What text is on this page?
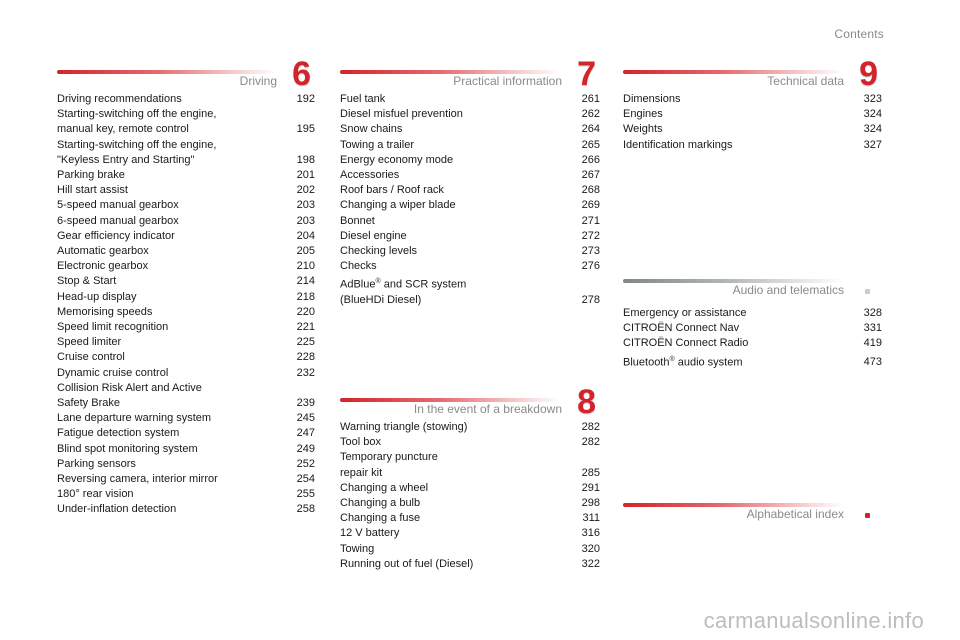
Contents
Driving 6
Driving recommendations	192
Starting-switching off the engine,
manual key, remote control	195
Starting-switching off the engine,
"Keyless Entry and Starting"	198
Parking brake	201
Hill start assist	202
5-speed manual gearbox	203
6-speed manual gearbox	203
Gear efficiency indicator	204
Automatic gearbox	205
Electronic gearbox	210
Stop & Start	214
Head-up display	218
Memorising speeds	220
Speed limit recognition	221
Speed limiter	225
Cruise control	228
Dynamic cruise control	232
Collision Risk Alert and Active
Safety Brake	239
Lane departure warning system	245
Fatigue detection system	247
Blind spot monitoring system	249
Parking sensors	252
Reversing camera, interior mirror	254
180° rear vision	255
Under-inflation detection	258
Practical information 7
Fuel tank	261
Diesel misfuel prevention	262
Snow chains	264
Towing a trailer	265
Energy economy mode	266
Accessories	267
Roof bars / Roof rack	268
Changing a wiper blade	269
Bonnet	271
Diesel engine	272
Checking levels	273
Checks	276
AdBlue® and SCR system
(BlueHDi Diesel)	278
In the event of a breakdown 8
Warning triangle (stowing)	282
Tool box	282
Temporary puncture
repair kit	285
Changing a wheel	291
Changing a bulb	298
Changing a fuse	311
12 V battery	316
Towing	320
Running out of fuel (Diesel)	322
Technical data 9
Dimensions	323
Engines	324
Weights	324
Identification markings	327
Audio and telematics
Emergency or assistance	328
CITROËN Connect Nav	331
CITROËN Connect Radio	419
Bluetooth® audio system	473
Alphabetical index
carmanualsonline.info
